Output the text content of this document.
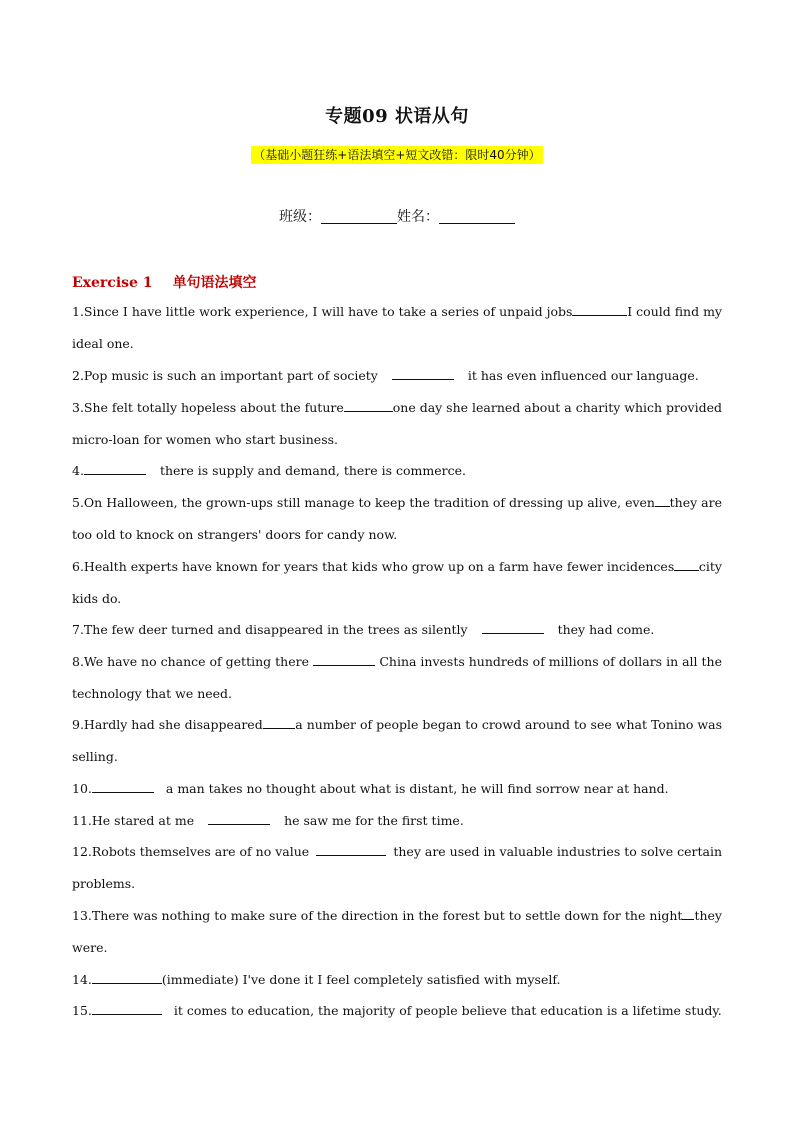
专题09 状语从句
（基础小题狂练+语法填空+短文改错：限时40分钟）
班级：	姓名：
Exercise 1 单句语法填空
1.Since I have little work experience, I will have to take a series of unpaid jobs	I could find my
ideal one.
2.Pop music is such an important part of society	it has even influenced our language.
3.She felt totally hopeless about the future	one day she learned about a charity which provided
micro-loan for women who start business.
4.	there is supply and demand, there is commerce.
5.On Halloween, the grown-ups still manage to keep the tradition of dressing up alive, even they are
too old to knock on strangers' doors for candy now.
6.Health experts have known for years that kids who grow up on a farm have fewer incidences city
kids do.
7.The few deer turned and disappeared in the trees as silently	they had come.
8.We have no chance of getting there	China invests hundreds of millions of dollars in all the
technology that we need.
9.Hardly had she disappeared	a number of people began to crowd around to see what Tonino was
selling.
10.	a man takes no thought about what is distant, he will find sorrow near at hand.
11.He stared at me	he saw me for the first time.
12.Robots themselves are of no value	they are used in valuable industries to solve certain
problems.
13.There was nothing to make sure of the direction in the forest but to settle down for the night they
were.
14.	(immediate) I've done it I feel completely satisfied with myself.
15.	it comes to education, the majority of people believe that education is a lifetime study.
